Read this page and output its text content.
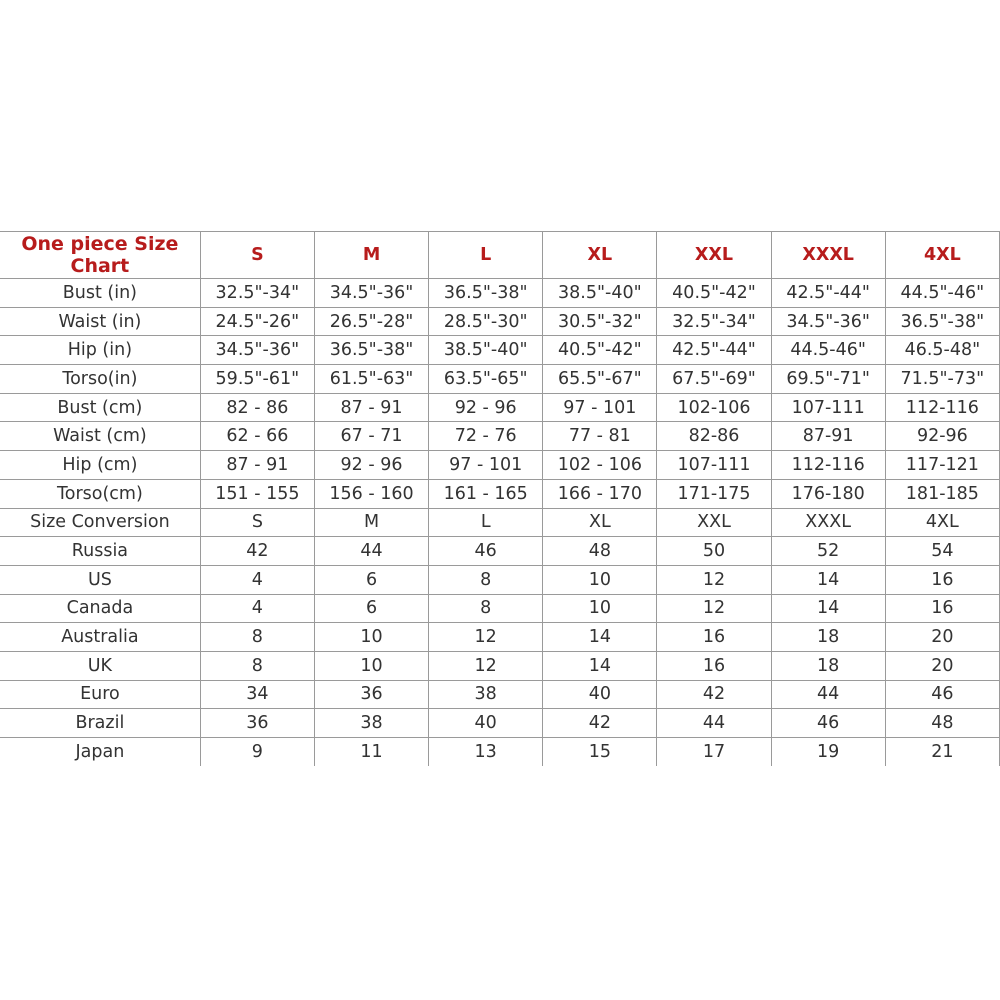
One piece Size Chart	S	M	L	XL	XXL	XXXL	4XL
Bust (in)	32.5"-34"	34.5"-36"	36.5"-38"	38.5"-40"	40.5"-42"	42.5"-44"	44.5"-46"
Waist (in)	24.5"-26"	26.5"-28"	28.5"-30"	30.5"-32"	32.5"-34"	34.5"-36"	36.5"-38"
Hip (in)	34.5"-36"	36.5"-38"	38.5"-40"	40.5"-42"	42.5"-44"	44.5-46"	46.5-48"
Torso(in)	59.5"-61"	61.5"-63"	63.5"-65"	65.5"-67"	67.5"-69"	69.5"-71"	71.5"-73"
Bust (cm)	82 - 86	87 - 91	92 - 96	97 - 101	102-106	107-111	112-116
Waist (cm)	62 - 66	67 - 71	72 - 76	77 - 81	82-86	87-91	92-96
Hip (cm)	87 - 91	92 - 96	97 - 101	102 - 106	107-111	112-116	117-121
Torso(cm)	151 - 155	156 - 160	161 - 165	166 - 170	171-175	176-180	181-185
Size Conversion	S	M	L	XL	XXL	XXXL	4XL
Russia	42	44	46	48	50	52	54
US	4	6	8	10	12	14	16
Canada	4	6	8	10	12	14	16
Australia	8	10	12	14	16	18	20
UK	8	10	12	14	16	18	20
Euro	34	36	38	40	42	44	46
Brazil	36	38	40	42	44	46	48
Japan	9	11	13	15	17	19	21
